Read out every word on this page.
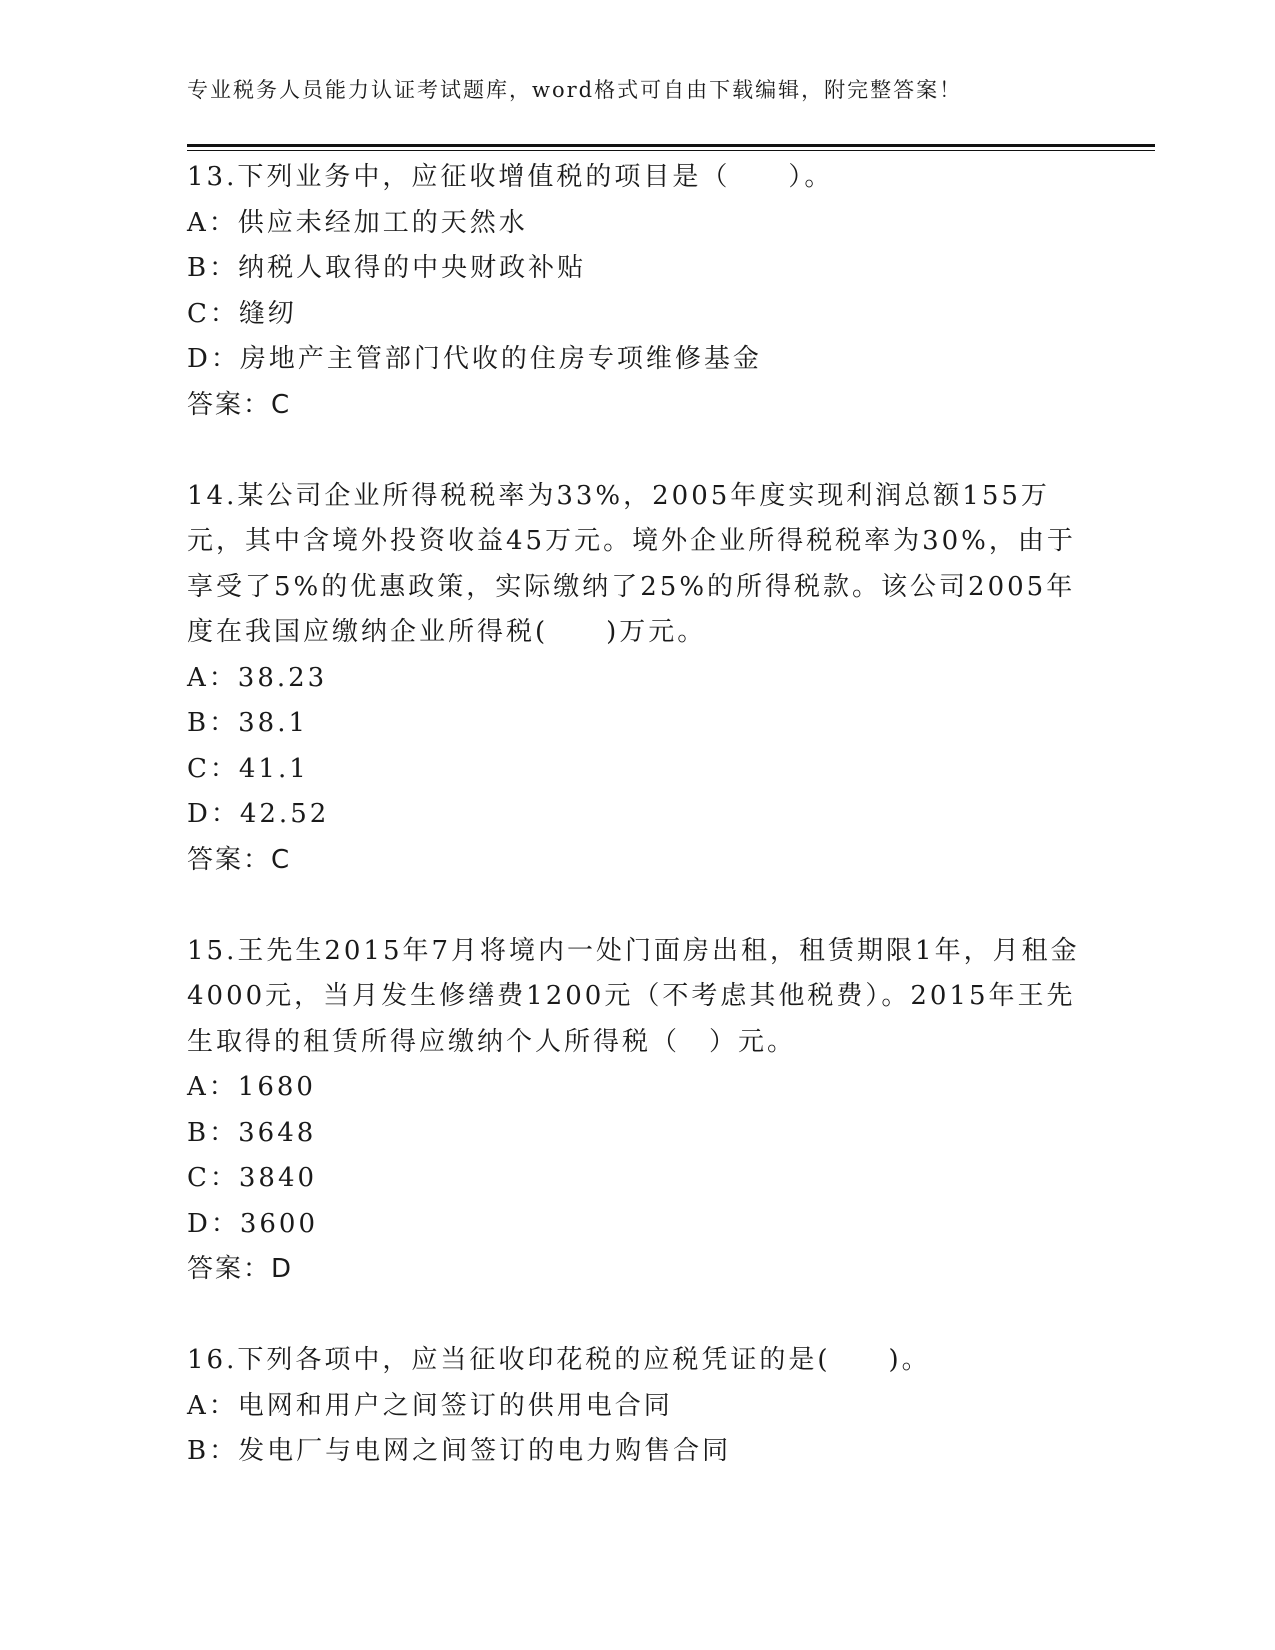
专业税务人员能力认证考试题库，word格式可自由下载编辑，附完整答案！

13.下列业务中，应征收增值税的项目是（　　）。

A：供应未经加工的天然水
B：纳税人取得的中央财政补贴
C：缝纫
D：房地产主管部门代收的住房专项维修基金
答案：C

14.某公司企业所得税税率为33%，2005年度实现利润总额155万元，其中含境外投资收益45万元。境外企业所得税税率为30%，由于享受了5%的优惠政策，实际缴纳了25%的所得税款。该公司2005年度在我国应缴纳企业所得税(　　)万元。

A：38.23
B：38.1
C：41.1
D：42.52
答案：C

15.王先生2015年7月将境内一处门面房出租，租赁期限1年，月租金4000元，当月发生修缮费1200元（不考虑其他税费）。2015年王先生取得的租赁所得应缴纳个人所得税（　）元。

A：1680
B：3648
C：3840
D：3600
答案：D

16.下列各项中，应当征收印花税的应税凭证的是(　　)。

A：电网和用户之间签订的供用电合同
B：发电厂与电网之间签订的电力购售合同
